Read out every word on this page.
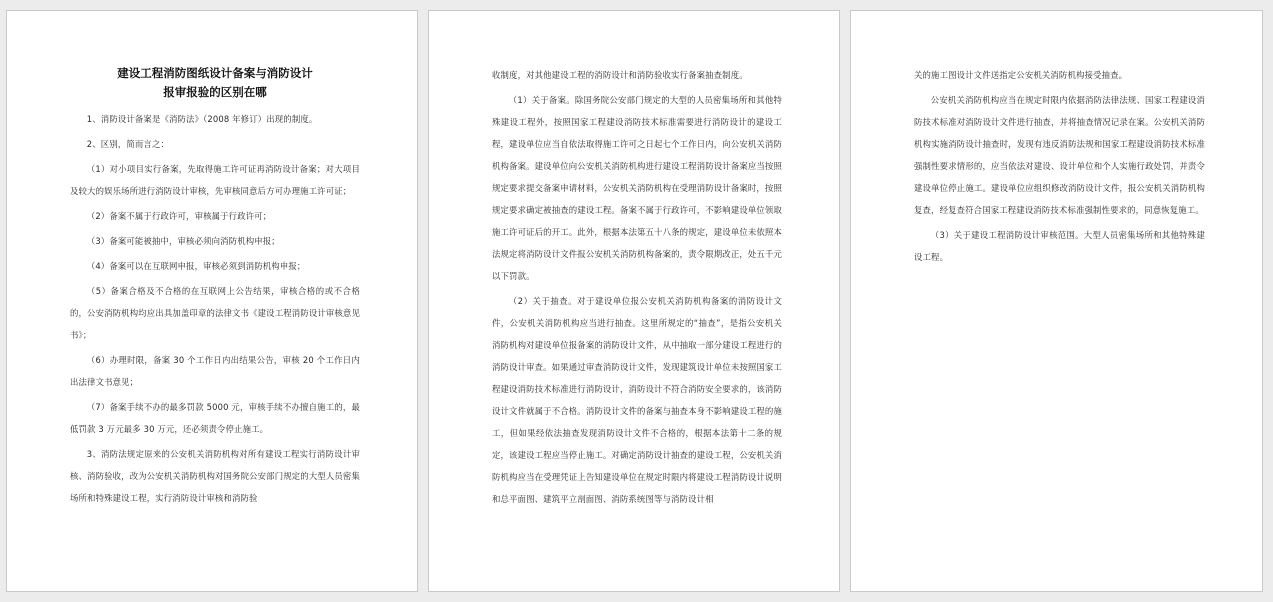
建设工程消防图纸设计备案与消防设计
报审报验的区别在哪

1、消防设计备案是《消防法》（2008 年修订）出现的制度。

2、区别，简而言之：

（1）对小项目实行备案，先取得施工许可证再消防设计备案；对大项目及较大的娱乐场所进行消防设计审核，先审核同意后方可办理施工许可证；

（2）备案不属于行政许可，审核属于行政许可；

（3）备案可能被抽中，审核必须向消防机构申报；

（4）备案可以在互联网申报，审核必须到消防机构申报；

（5）备案合格及不合格的在互联网上公告结果，审核合格的或不合格的，公安消防机构均应出具加盖印章的法律文书《建设工程消防设计审核意见书》；

（6）办理时限，备案 30 个工作日内出结果公告，审核 20 个工作日内出法律文书意见；

（7）备案手续不办的最多罚款 5000 元，审核手续不办擅自施工的，最低罚款 3 万元最多 30 万元，还必须责令停止施工。

3、消防法规定原来的公安机关消防机构对所有建设工程实行消防设计审核、消防验收，改为公安机关消防机构对国务院公安部门规定的大型人员密集场所和特殊建设工程，实行消防设计审核和消防验

收制度，对其他建设工程的消防设计和消防验收实行备案抽查制度。

（1）关于备案。除国务院公安部门规定的大型的人员密集场所和其他特殊建设工程外，按照国家工程建设消防技术标准需要进行消防设计的建设工程，建设单位应当自依法取得施工许可之日起七个工作日内，向公安机关消防机构备案。建设单位向公安机关消防机构进行建设工程消防设计备案应当按照规定要求提交备案申请材料，公安机关消防机构在受理消防设计备案时，按照规定要求确定被抽查的建设工程。备案不属于行政许可，不影响建设单位领取施工许可证后的开工。此外，根据本法第五十八条的规定，建设单位未依照本法规定将消防设计文件报公安机关消防机构备案的，责令限期改正，处五千元以下罚款。

（2）关于抽查。对于建设单位报公安机关消防机构备案的消防设计文件，公安机关消防机构应当进行抽查。这里所规定的“抽查”，是指公安机关消防机构对建设单位报备案的消防设计文件，从中抽取一部分建设工程进行的消防设计审查。如果通过审查消防设计文件，发现建筑设计单位未按照国家工程建设消防技术标准进行消防设计，消防设计不符合消防安全要求的，该消防设计文件就属于不合格。消防设计文件的备案与抽查本身不影响建设工程的施工，但如果经依法抽查发现消防设计文件不合格的，根据本法第十二条的规定，该建设工程应当停止施工。对确定消防设计抽查的建设工程，公安机关消防机构应当在受理凭证上告知建设单位在规定时限内将建设工程消防设计说明和总平面图、建筑平立剖面图、消防系统图等与消防设计相

关的施工图设计文件送指定公安机关消防机构接受抽查。

公安机关消防机构应当在规定时限内依据消防法律法规、国家工程建设消防技术标准对消防设计文件进行抽查，并将抽查情况记录在案。公安机关消防机构实施消防设计抽查时，发现有违反消防法规和国家工程建设消防技术标准强制性要求情形的，应当依法对建设、设计单位和个人实施行政处罚，并责令建设单位停止施工。建设单位应组织修改消防设计文件，报公安机关消防机构复查，经复查符合国家工程建设消防技术标准强制性要求的，同意恢复施工。

（3）关于建设工程消防设计审核范围。大型人员密集场所和其他特殊建设工程。
